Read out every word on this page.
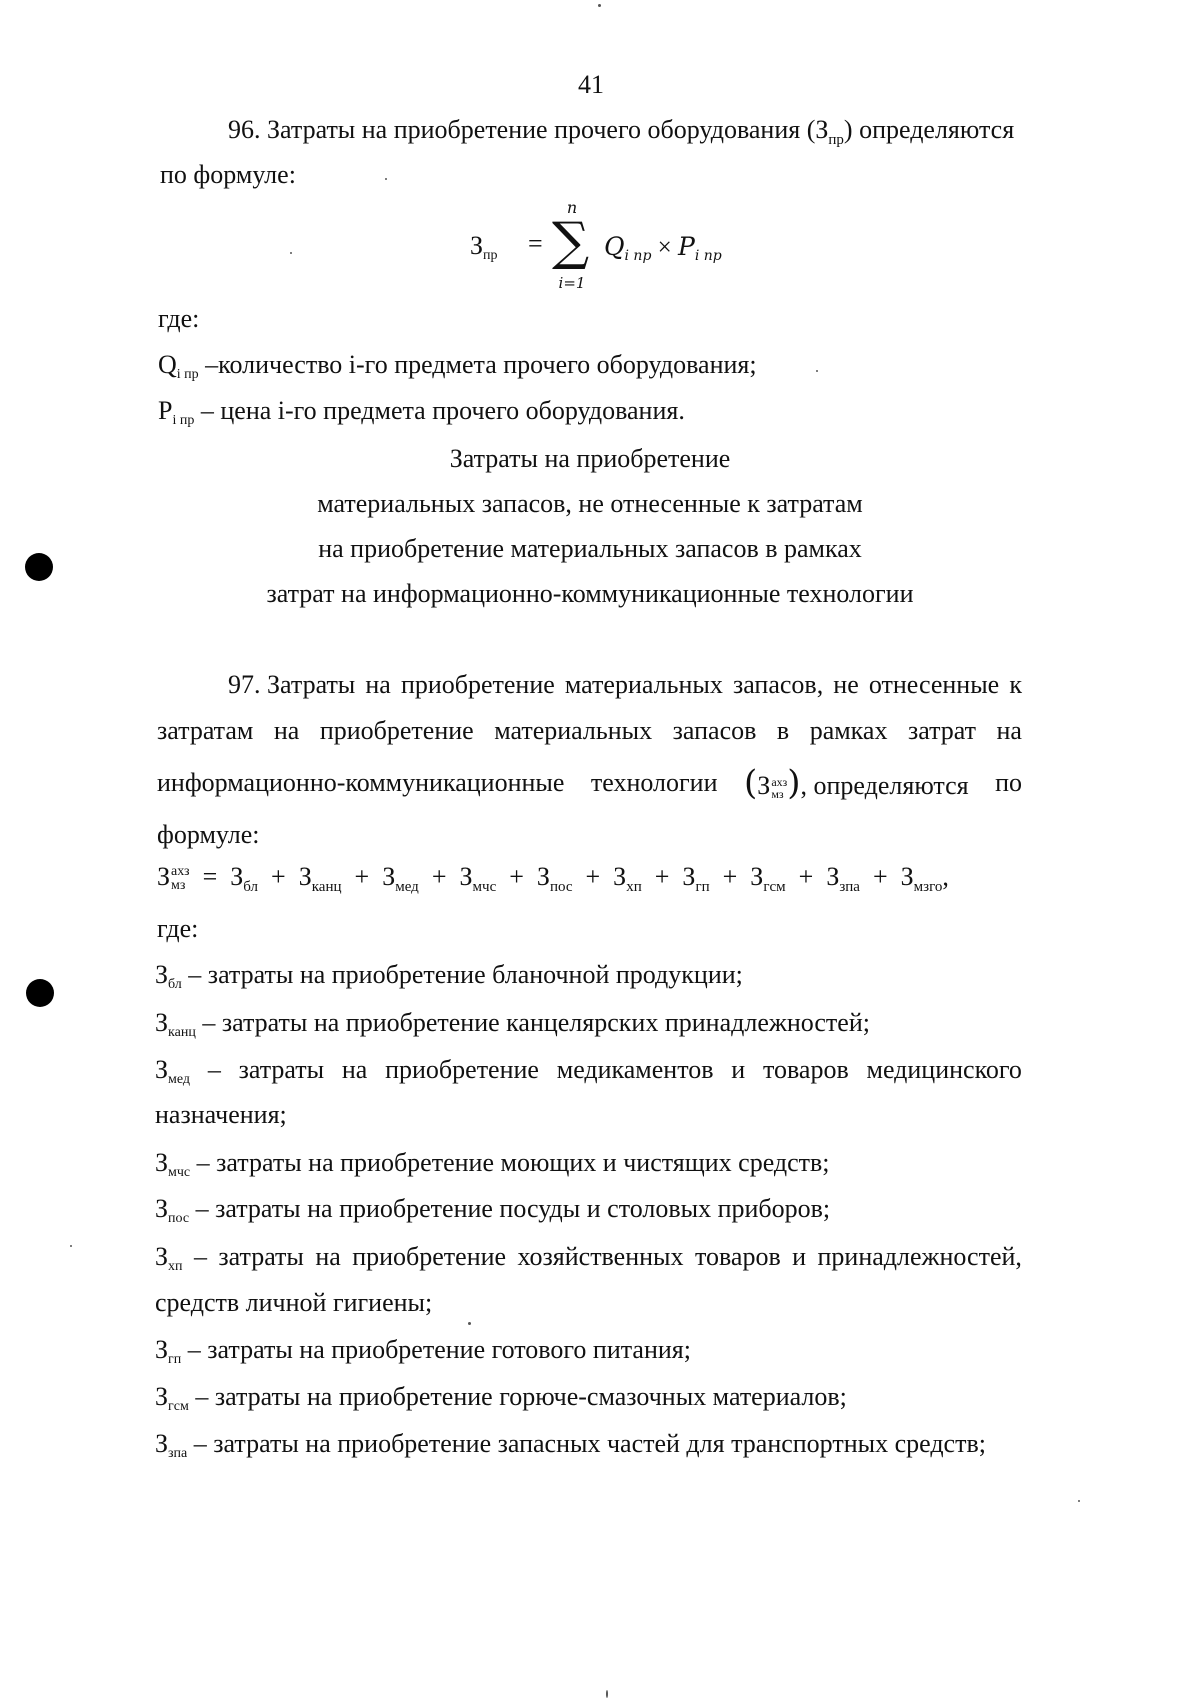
41
96. Затраты на приобретение прочего оборудования $(З_{пр})$ определяются
по формуле:
Зпр =
n
∑
i=1
$Q_{i пр} \times P_{i пр}$
где:
Qi пр –количество i-го предмета прочего оборудования;
Pi пр – цена i-го предмета прочего оборудования.
Затраты на приобретение
материальных запасов, не отнесенные к затратам
на приобретение материальных запасов в рамках
затрат на информационно-коммуникационные технологии
97. Затраты на приобретение материальных запасов, не отнесенные к
затратам на приобретение материальных запасов в рамках затрат на
информационно-коммуникационные технологии (З ахз
мз ), определяются по
формуле:
З ахз
мз =  $З_{бл} + З_{канц} + З_{мед} + З_{мчс} + З_{пос} + З_{хп} + З_{гп} + З_{гсм} + З_{зпа} + З_{мзго}$,
где:
Збл – затраты на приобретение бланочной продукции;
Зканц – затраты на приобретение канцелярских принадлежностей;
Змед – затраты на приобретение медикаментов и товаров медицинского
назначения;
Змчс – затраты на приобретение моющих и чистящих средств;
Зпос – затраты на приобретение посуды и столовых приборов;
Зхп – затраты на приобретение хозяйственных товаров и принадлежностей,
средств личной гигиены;
Згп – затраты на приобретение готового питания;
Згсм – затраты на приобретение горюче-смазочных материалов;
Ззпа – затраты на приобретение запасных частей для транспортных средств;
